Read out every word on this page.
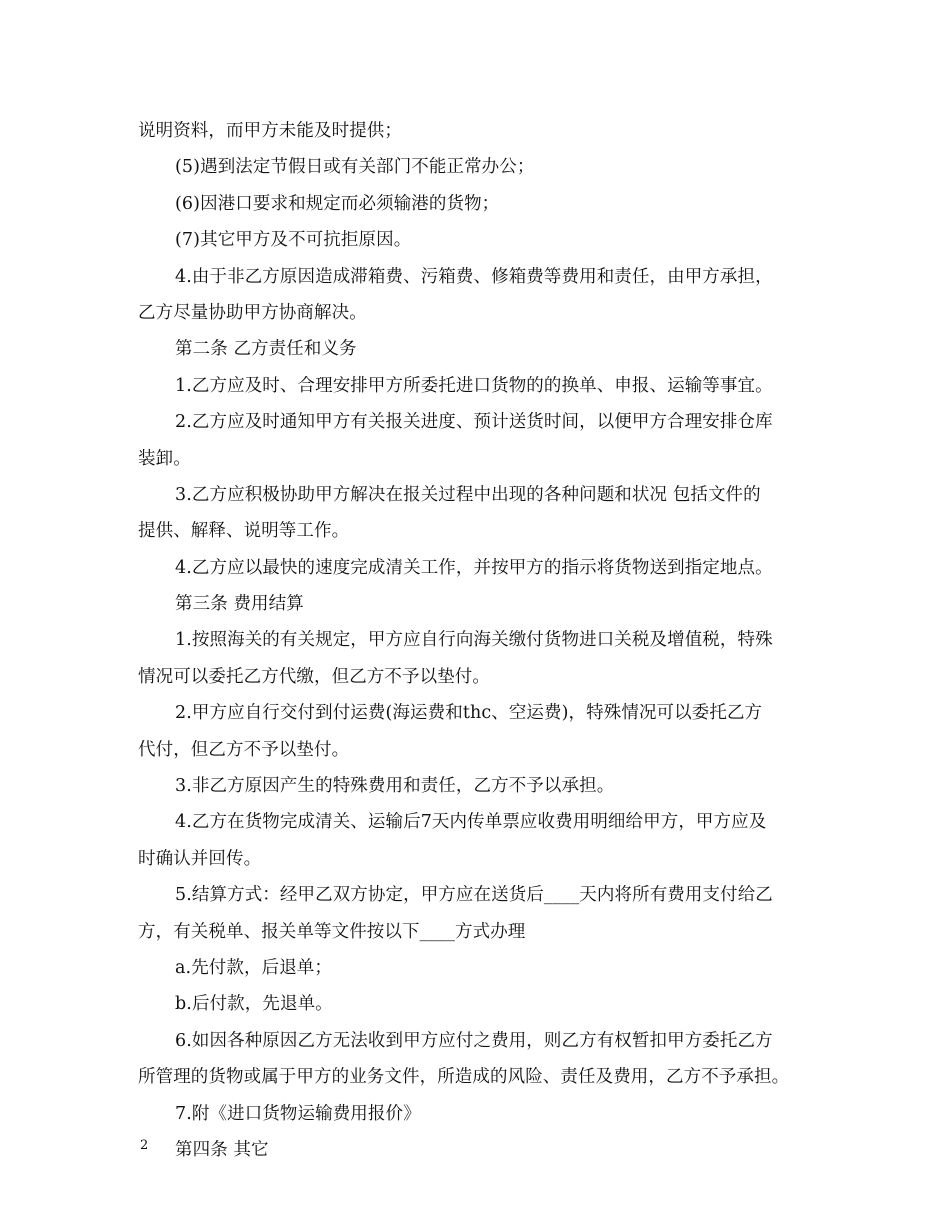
说明资料，而甲方未能及时提供；
(5)遇到法定节假日或有关部门不能正常办公；
(6)因港口要求和规定而必须输港的货物；
(7)其它甲方及不可抗拒原因。
4.由于非乙方原因造成滞箱费、污箱费、修箱费等费用和责任，由甲方承担，
乙方尽量协助甲方协商解决。
第二条 乙方责任和义务
1.乙方应及时、合理安排甲方所委托进口货物的的换单、申报、运输等事宜。
2.乙方应及时通知甲方有关报关进度、预计送货时间，以便甲方合理安排仓库
装卸。
3.乙方应积极协助甲方解决在报关过程中出现的各种问题和状况 包括文件的
提供、解释、说明等工作。
4.乙方应以最快的速度完成清关工作，并按甲方的指示将货物送到指定地点。
第三条 费用结算
1.按照海关的有关规定，甲方应自行向海关缴付货物进口关税及增值税，特殊
情况可以委托乙方代缴，但乙方不予以垫付。
2.甲方应自行交付到付运费(海运费和thc、空运费)，特殊情况可以委托乙方
代付，但乙方不予以垫付。
3.非乙方原因产生的特殊费用和责任，乙方不予以承担。
4.乙方在货物完成清关、运输后7天内传单票应收费用明细给甲方，甲方应及
时确认并回传。
5.结算方式：经甲乙双方协定，甲方应在送货后____天内将所有费用支付给乙
方，有关税单、报关单等文件按以下____方式办理
a.先付款，后退单；
b.后付款，先退单。
6.如因各种原因乙方无法收到甲方应付之费用，则乙方有权暂扣甲方委托乙方
所管理的货物或属于甲方的业务文件，所造成的风险、责任及费用，乙方不予承担。
7.附《进口货物运输费用报价》
第四条 其它
2
